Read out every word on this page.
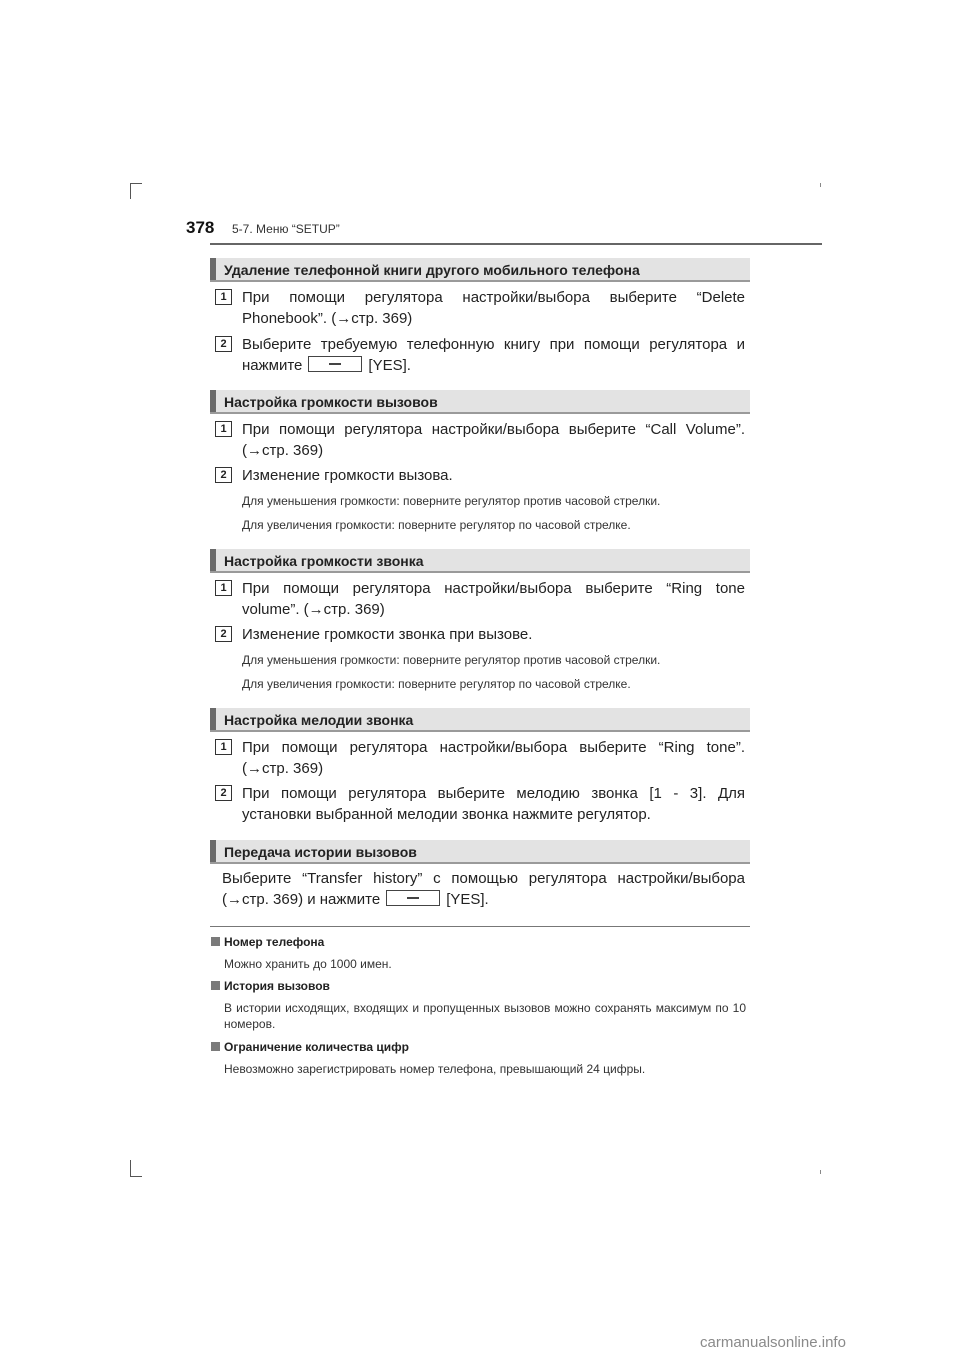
378 5-7. Меню “SETUP”
Удаление телефонной книги другого мобильного телефона
1	При помощи регулятора настройки/выбора выберите “Delete Phonebook”. (→стр. 369)
2	Выберите требуемую телефонную книгу при помощи регулятора и нажмите	[YES].
Настройка громкости вызовов
1	При помощи регулятора настройки/выбора выберите “Call Volume”. (→стр. 369)
2	Изменение громкости вызова.
Для уменьшения громкости: поверните регулятор против часовой стрелки.
Для увеличения громкости: поверните регулятор по часовой стрелке.
Настройка громкости звонка
1	При помощи регулятора настройки/выбора выберите “Ring tone volume”. (→стр. 369)
2	Изменение громкости звонка при вызове.
Для уменьшения громкости: поверните регулятор против часовой стрелки.
Для увеличения громкости: поверните регулятор по часовой стрелке.
Настройка мелодии звонка
1	При помощи регулятора настройки/выбора выберите “Ring tone”. (→стр. 369)
2	При помощи регулятора выберите мелодию звонка [1 - 3]. Для установки выбранной мелодии звонка нажмите регулятор.
Передача истории вызовов
Выберите “Transfer history” с помощью регулятора настройки/выбора (→стр. 369) и нажмите	[YES].
Номер телефона
Можно хранить до 1000 имен.
История вызовов
В истории исходящих, входящих и пропущенных вызовов можно сохранять максимум по 10 номеров.
Ограничение количества цифр
Невозможно зарегистрировать номер телефона, превышающий 24 цифры.
carmanualsonline.info
